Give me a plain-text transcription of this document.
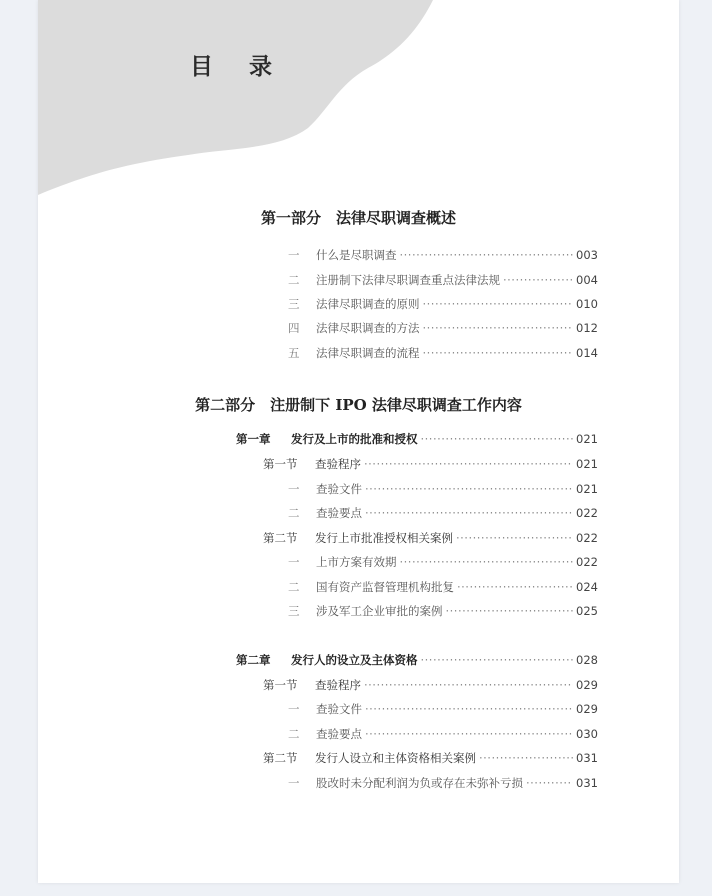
目 录
第一部分　法律尽职调查概述
一	什么是尽职调查 ·····	003
二	注册制下法律尽职调查重点法律法规 ·····	004
三	法律尽职调查的原则 ·····	010
四	法律尽职调查的方法 ·····	012
五	法律尽职调查的流程 ·····	014
第二部分　注册制下 IPO 法律尽职调查工作内容
第一章	发行及上市的批准和授权 ·····	021
第一节	查验程序 ·····	021
一	查验文件 ·····	021
二	查验要点 ·····	022
第二节	发行上市批准授权相关案例 ·····	022
一	上市方案有效期 ·····	022
二	国有资产监督管理机构批复 ·····	024
三	涉及军工企业审批的案例 ·····	025
第二章	发行人的设立及主体资格 ·····	028
第一节	查验程序 ·····	029
一	查验文件 ·····	029
二	查验要点 ·····	030
第二节	发行人设立和主体资格相关案例 ·····	031
一	股改时未分配利润为负或存在未弥补亏损 ·····	031
